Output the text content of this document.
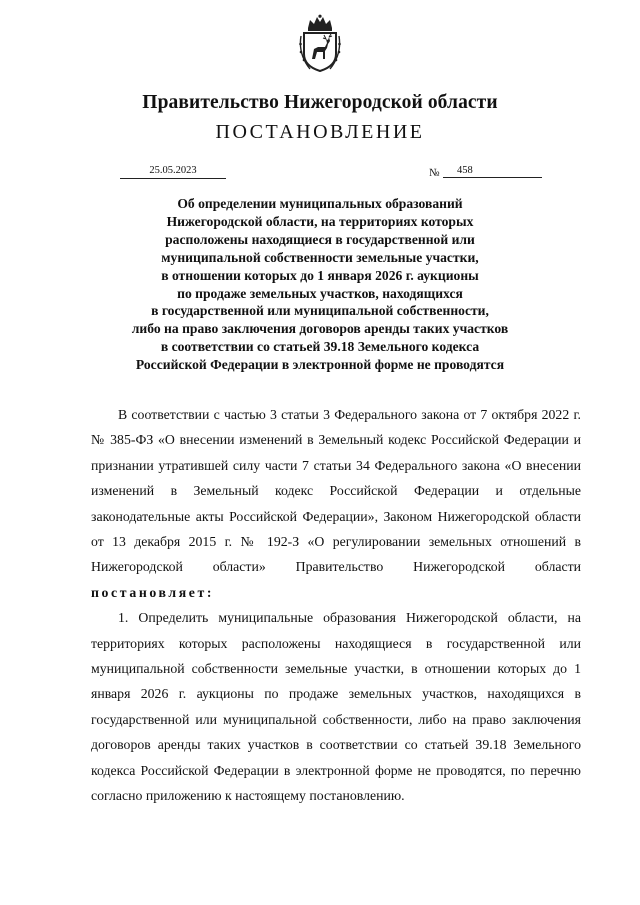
Правительство Нижегородской области
ПОСТАНОВЛЕНИЕ
25.05.2023	№	458
Об определении муниципальных образований
Нижегородской области, на территориях которых
расположены находящиеся в государственной или
муниципальной собственности земельные участки,
в отношении которых до 1 января 2026 г. аукционы
по продаже земельных участков, находящихся
в государственной или муниципальной собственности,
либо на право заключения договоров аренды таких участков
в соответствии со статьей 39.18 Земельного кодекса
Российской Федерации в электронной форме не проводятся

В соответствии с частью 3 статьи 3 Федерального закона от 7 октября 2022 г. № 385-ФЗ «О внесении изменений в Земельный кодекс Российской Федерации и признании утратившей силу части 7 статьи 34 Федерального закона «О внесении изменений в Земельный кодекс Российской Федерации и отдельные законодательные акты Российской Федерации», Законом Нижегородской области от 13 декабря 2015 г. № 192-З «О регулировании земельных отношений в Нижегородской области» Правительство Нижегородской области постановляет:

1. Определить муниципальные образования Нижегородской области, на территориях которых расположены находящиеся в государственной или муниципальной собственности земельные участки, в отношении которых до 1 января 2026 г. аукционы по продаже земельных участков, находящихся в государственной или муниципальной собственности, либо на право заключения договоров аренды таких участков в соответствии со статьей 39.18 Земельного кодекса Российской Федерации в электронной форме не проводятся, по перечню согласно приложению к настоящему постановлению.
